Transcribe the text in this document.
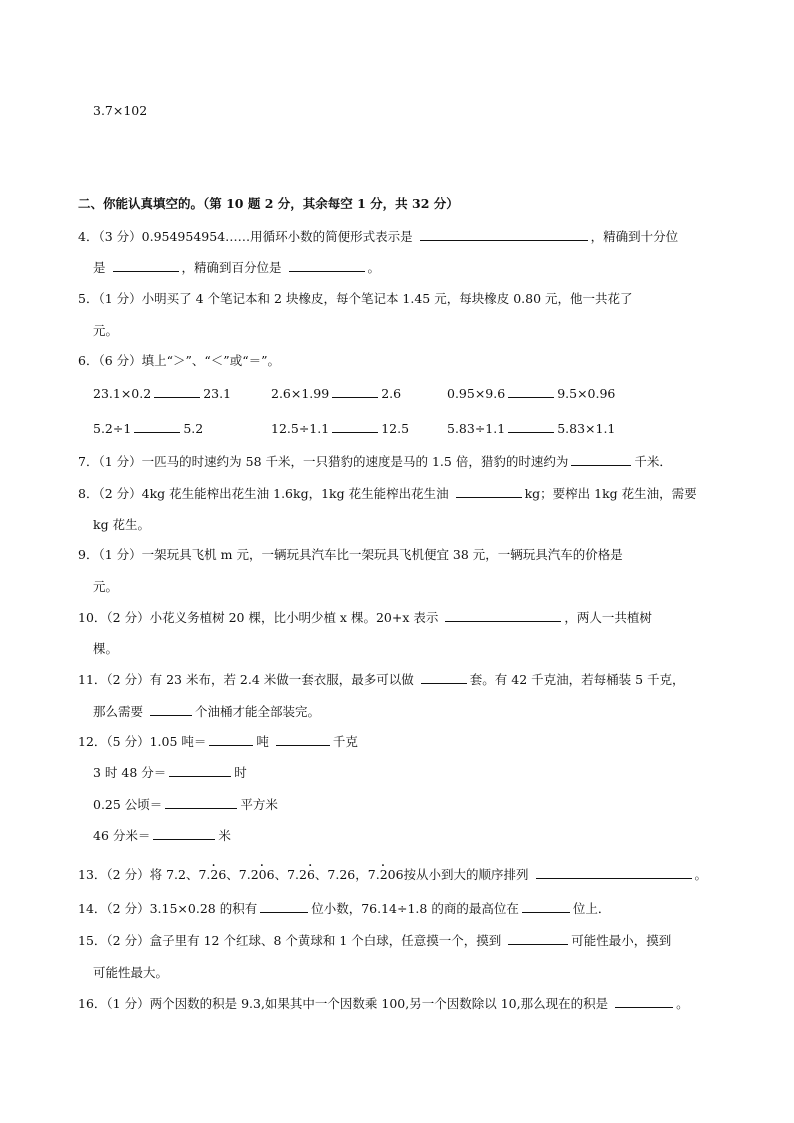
3.7×102
二、你能认真填空的。（第 10 题 2 分，其余每空 1 分，共 32 分）
4．（3 分）0.954954954……用循环小数的简便形式表示是	，精确到十分位
是	，精确到百分位是	。
5．（1 分）小明买了 4 个笔记本和 2 块橡皮，每个笔记本 1.45 元，每块橡皮 0.80 元，他一共花了
元。
6．（6 分）填上“＞”、“＜”或“＝”。
23.1×0.2	23.1	2.6×1.99	2.6	0.95×9.6	9.5×0.96
5.2÷1	5.2	12.5÷1.1	12.5	5.83÷1.1	5.83×1.1
7．（1 分）一匹马的时速约为 58 千米，一只猎豹的速度是马的 1.5 倍，猎豹的时速约为	千米．
8．（2 分）4kg 花生能榨出花生油 1.6kg，1kg 花生能榨出花生油	kg；要榨出 1kg 花生油，需要
kg 花生。
9．（1 分）一架玩具飞机 m 元，一辆玩具汽车比一架玩具飞机便宜 38 元，一辆玩具汽车的价格是
元。
10．（2 分）小花义务植树 20 棵，比小明少植 x 棵。20+x 表示	，两人一共植树
棵。
11．（2 分）有 23 米布，若 2.4 米做一套衣服，最多可以做	套。有 42 千克油，若每桶装 5 千克，
那么需要	个油桶才能全部装完。
12．（5 分）1.05 吨＝	吨	千克
3 时 48 分＝	时
0.25 公顷＝	平方米
46 分米＝	米
13．（2 分）将 7.2、7.· 26、7.2· 06、7.2· 6、7.26，7.· 206按从小到大的顺序排列	。
14．（2 分）3.15×0.28 的积有	位小数，76.14÷1.8 的商的最高位在	位上．
15．（2 分）盒子里有 12 个红球、8 个黄球和 1 个白球，任意摸一个，摸到	可能性最小，摸到
可能性最大。
16．（1 分）两个因数的积是 9.3,如果其中一个因数乘 100,另一个因数除以 10,那么现在的积是	。
